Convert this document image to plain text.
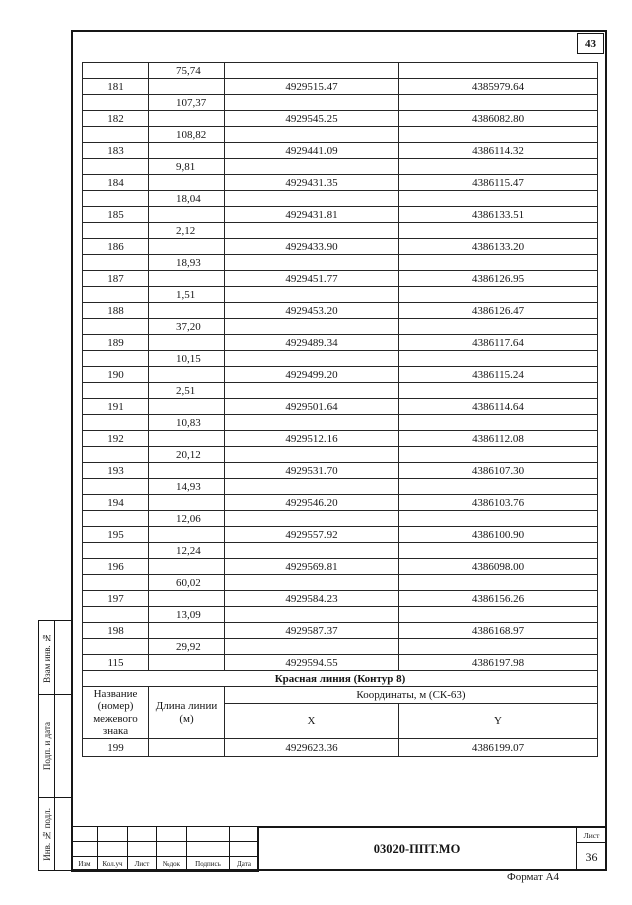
43
	75,74		
181		4929515.47	4385979.64
	107,37		
182		4929545.25	4386082.80
	108,82		
183		4929441.09	4386114.32
	9,81		
184		4929431.35	4386115.47
	18,04		
185		4929431.81	4386133.51
	2,12		
186		4929433.90	4386133.20
	18,93		
187		4929451.77	4386126.95
	1,51		
188		4929453.20	4386126.47
	37,20		
189		4929489.34	4386117.64
	10,15		
190		4929499.20	4386115.24
	2,51		
191		4929501.64	4386114.64
	10,83		
192		4929512.16	4386112.08
	20,12		
193		4929531.70	4386107.30
	14,93		
194		4929546.20	4386103.76
	12,06		
195		4929557.92	4386100.90
	12,24		
196		4929569.81	4386098.00
	60,02		
197		4929584.23	4386156.26
	13,09		
198		4929587.37	4386168.97
	29,92		
115		4929594.55	4386197.98
Красная линия (Контур 8)			
Название (номер) межевого знака	Длина линии (м)	Координаты, м (СК-63)	
		X	Y
199		4929623.36	4386199.07
Взам инв. №
Подп. и дата
Инв. № подл.

Изм	Кол.уч	Лист	№док	Подпись	Дата
03020-ППТ.МО
Лист
36
Формат А4
